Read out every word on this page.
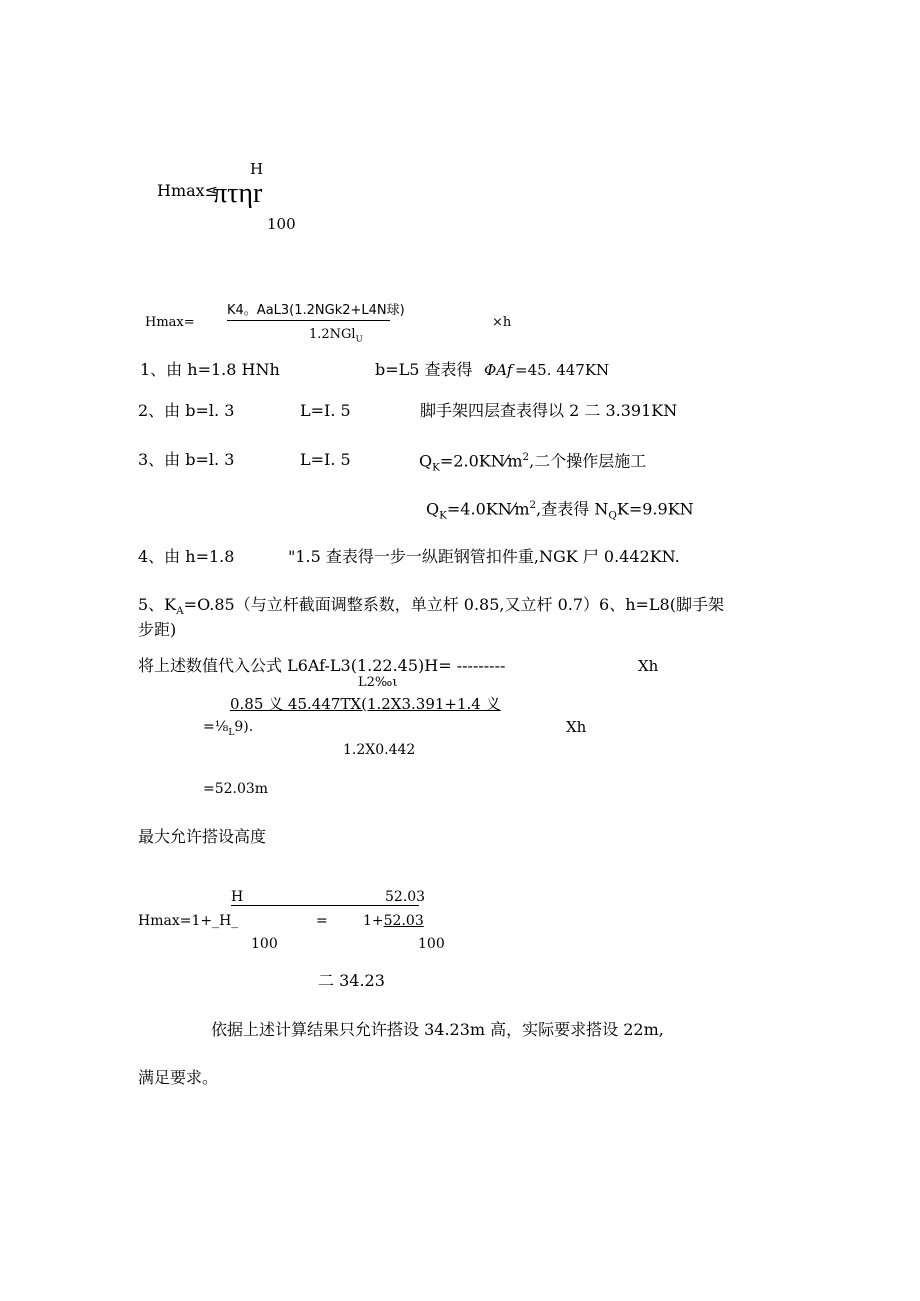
H
Hmax≤
πτηr
100
Hmax=
K4。AaL3(1.2NGk2+L4N球)
1.2NGl$_U$
×h
1、由 h=1.8 HNh	b=L5 查表得 ΦAf =45. 447KN
2、由 b=l. 3	L=I. 5	脚手架四层查表得以 2 二 3.391KN
3、由 b=l. 3	L=I. 5	$Q_K=2.0KN⁄m^2$,二个操作层施工
$Q_K=4.0KN⁄m^2$,查表得 $N_QK=9.9KN$
4、由 h=1.8	"1.5 查表得一步一纵距钢管扣件重,NGK 尸 0.442KN.
5、$K_A=O.85$（与立杆截面调整系数，单立杆 0.85,又立杆 0.7）6、h=L8(脚手架
步距)
将上述数值代入公式 L6Af-L3(1.22.45)H= ---------	Xh
L2‰ι
0.85 义 45.447TX(1.2X3.391+1.4 义
$=\frac{1}{8}_L9$).	Xh
1.2X0.442
=52.03m
最大允许搭设高度
H	52.03
Hmax=1+_H_	=	1+52.03
100	100
二 34.23
依据上述计算结果只允许搭设 34.23m 高，实际要求搭设 22m,
满足要求。
